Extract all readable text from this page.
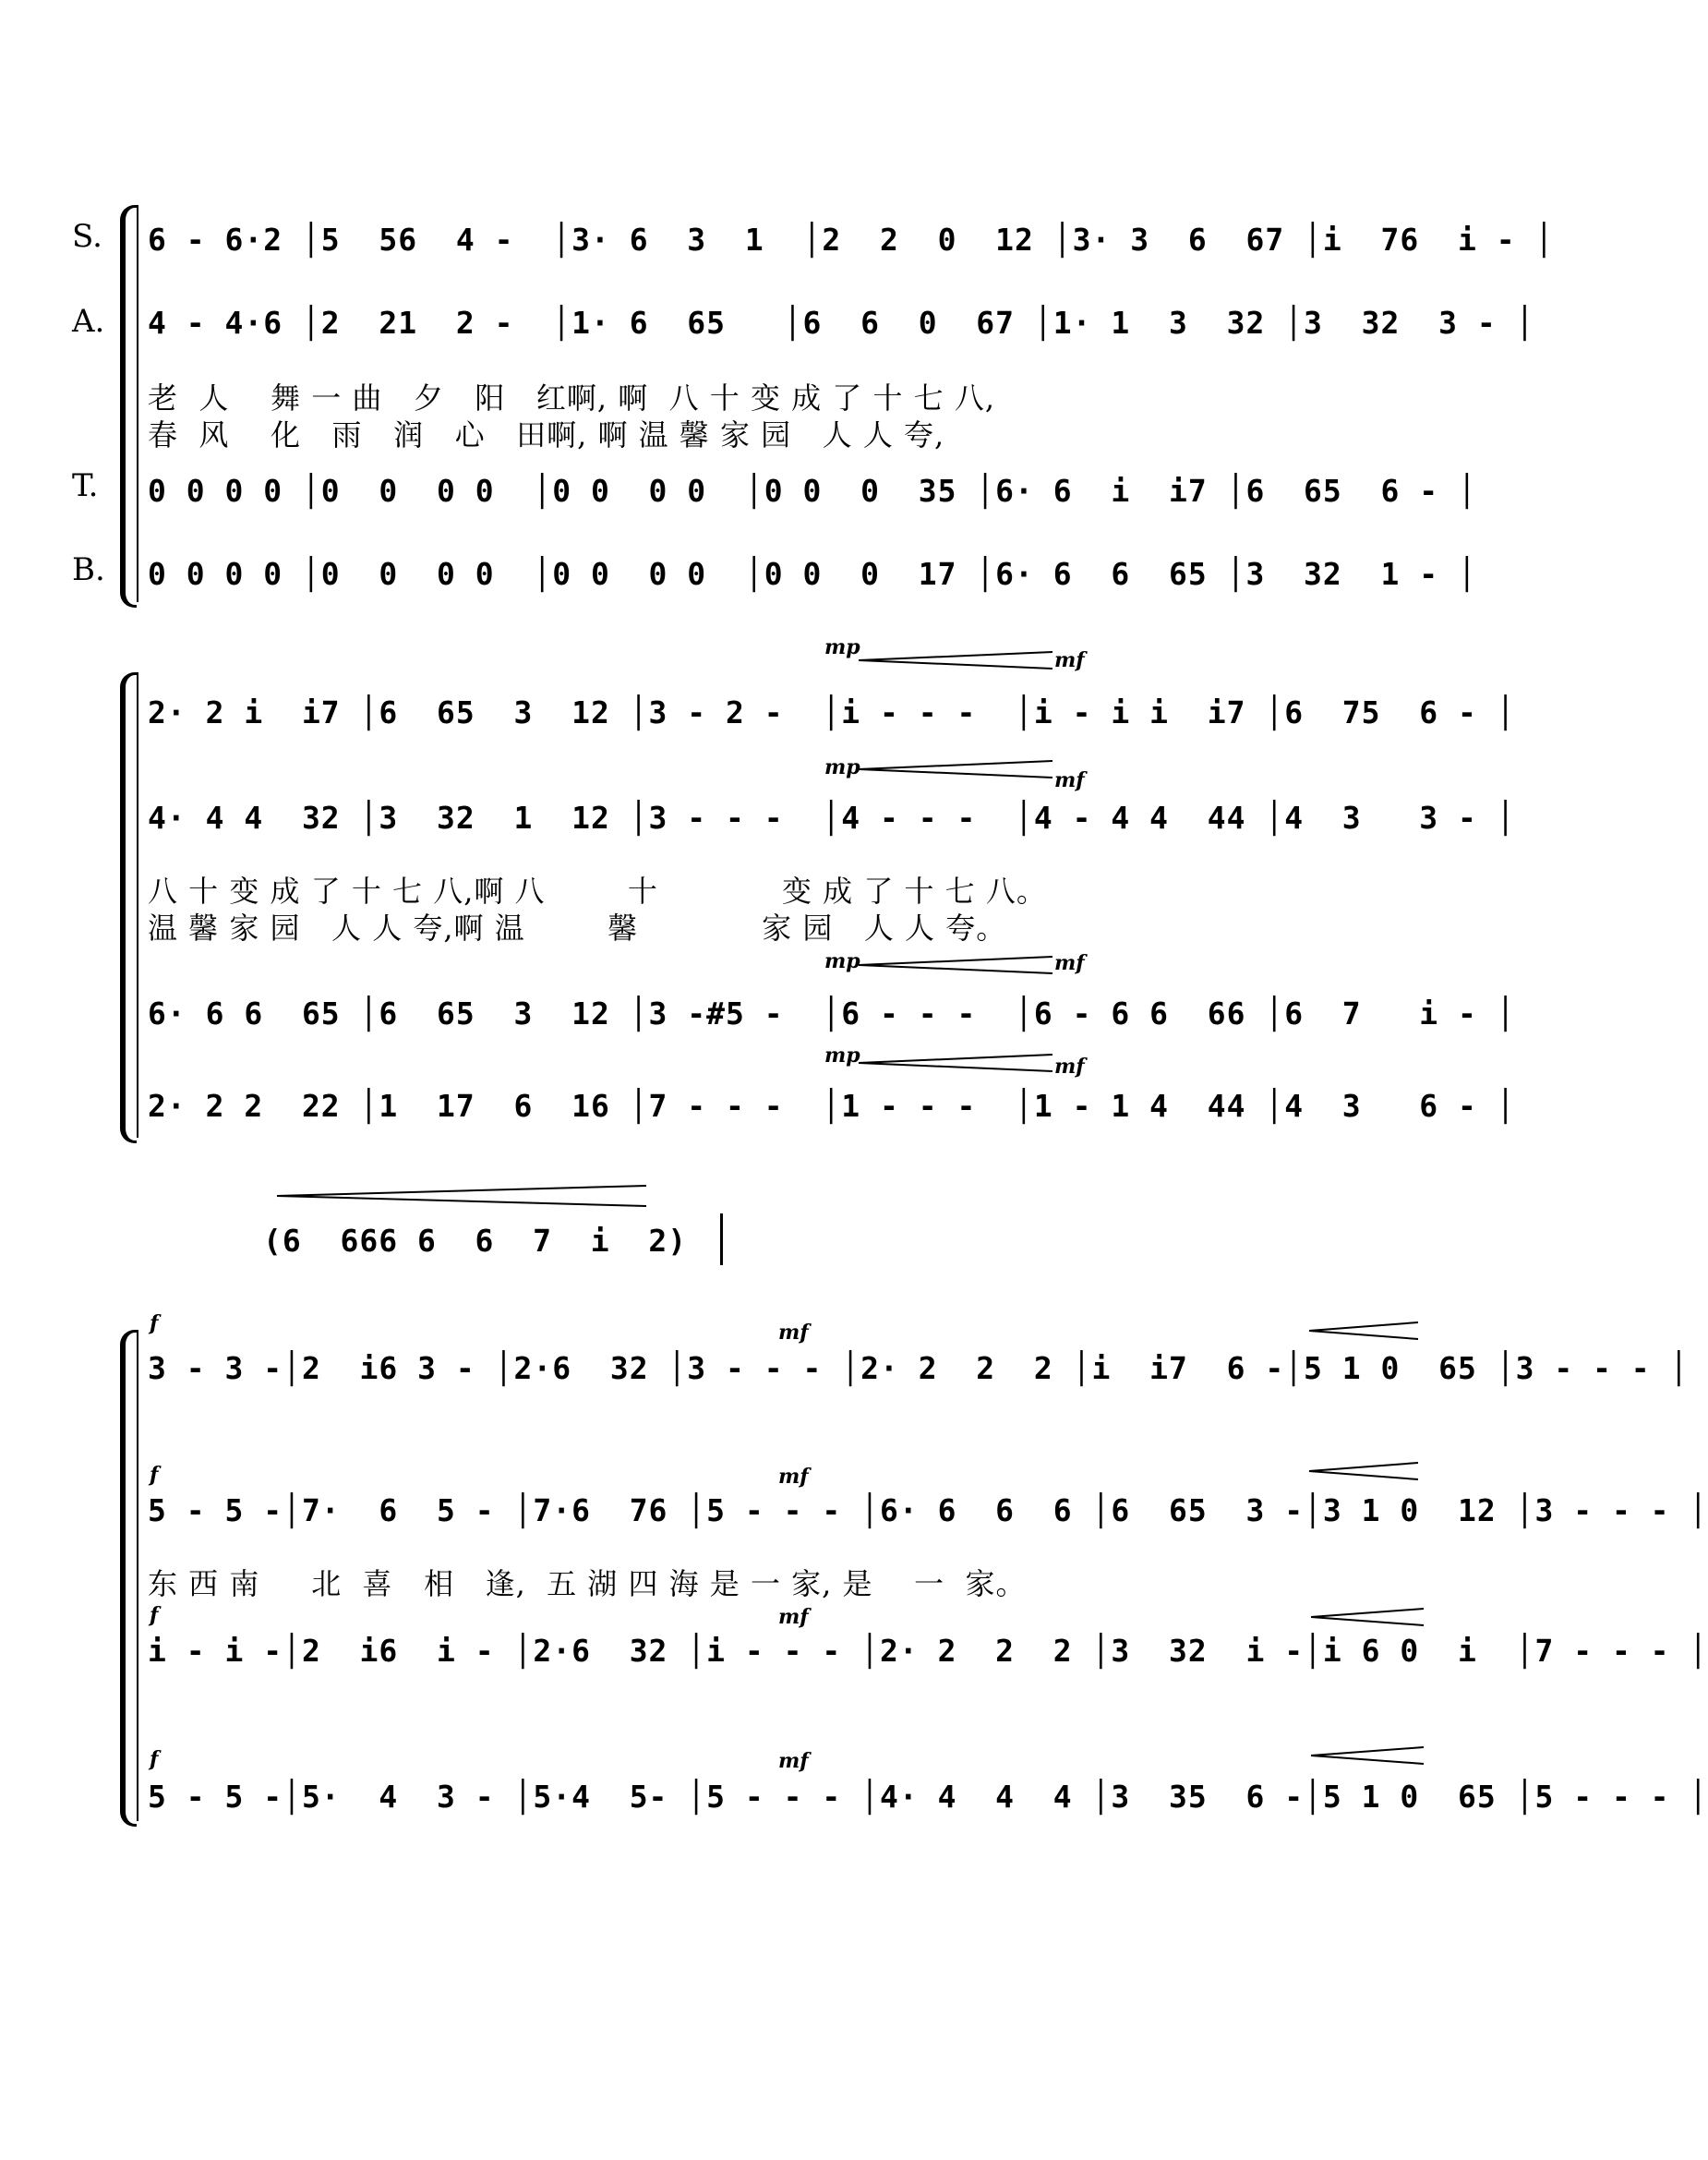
S.
A.
T.
B.
6 - 6·2 │5  56  4 -  │3· 6  3  1  │2  2  0  12 │3· 3  6  67 │i  76  i - │
4 - 4·6 │2  21  2 -  │1· 6  65   │6  6  0  67 │1· 1  3  32 │3  32  3 - │
老  人    舞 一 曲   夕   阳   红啊, 啊  八 十 变 成 了 十 七 八,
春  风    化   雨   润   心   田啊, 啊 温 馨 家 园   人 人 夸,
0 0 0 0 │0  0  0 0  │0 0  0 0  │0 0  0  35 │6· 6  i  i7 │6  65  6 - │
0 0 0 0 │0  0  0 0  │0 0  0 0  │0 0  0  17 │6· 6  6  65 │3  32  1 - │
mp
mf
2· 2 i  i7 │6  65  3  12 │3 - 2 -  │i - - -  │i - i i  i7 │6  75  6 - │
mp
mf
4· 4 4  32 │3  32  1  12 │3 - - -  │4 - - -  │4 - 4 4  44 │4  3   3 - │
八 十 变 成 了 十 七 八,啊 八        十            变 成 了 十 七 八。
温 馨 家 园   人 人 夸,啊 温        馨            家 园   人 人 夸。
mp	mf
6· 6 6  65 │6  65  3  12 │3 -#5 -  │6 - - -  │6 - 6 6  66 │6  7   i - │
mp	mf
2· 2 2  22 │1  17  6  16 │7 - - -  │1 - - -  │1 - 1 4  44 │4  3   6 - │
(6  666 6  6  7  i  2)
f	mf
3 - 3 -│2  i6 3 - │2·6  32 │3 - - - │2· 2  2  2 │i  i7  6 -│5 1 0  65 │3 - - - │
f	mf
5 - 5 -│7·  6  5 - │7·6  76 │5 - - - │6· 6  6  6 │6  65  3 -│3 1 0  12 │3 - - - │
东 西 南     北  喜   相   逢,  五 湖 四 海 是 一 家, 是    一  家。
f	mf
i - i -│2  i6  i - │2·6  32 │i - - - │2· 2  2  2 │3  32  i -│i 6 0  i  │7 - - - │
f	mf
5 - 5 -│5·  4  3 - │5·4  5- │5 - - - │4· 4  4  4 │3  35  6 -│5 1 0  65 │5 - - - │
